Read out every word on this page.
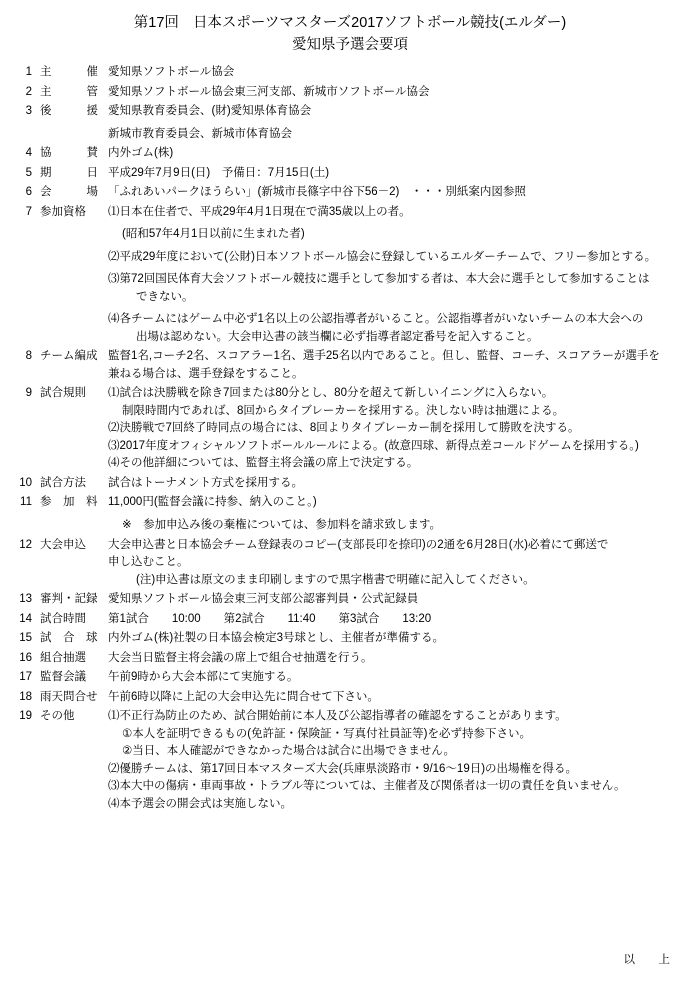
第17回 日本スポーツマスターズ2017ソフトボール競技(エルダー)
愛知県予選会要項
1 主	催 愛知県ソフトボール協会
2 主	管 愛知県ソフトボール協会東三河支部、新城市ソフトボール協会
3 後	援 愛知県教育委員会、(財)愛知県体育協会
新城市教育委員会、新城市体育協会
4 協	賛 内外ゴム(株)
5 期	日 平成29年7月9日(日)　予備日：7月15日(土)
6 会	場 「ふれあいパークほうらい」(新城市長篠字中谷下56－2)　・・・別紙案内図参照
7 参加資格	⑴日本在住者で、平成29年4月1日現在で満35歳以上の者。
(昭和57年4月1日以前に生まれた者)
⑵平成29年度において(公財)日本ソフトボール協会に登録しているエルダーチームで、フリー参加とする。
⑶第72回国民体育大会ソフトボール競技に選手として参加する者は、本大会に選手として参加することは
できない。
⑷各チームにはゲーム中必ず1名以上の公認指導者がいること。公認指導者がいないチームの本大会への
出場は認めない。大会申込書の該当欄に必ず指導者認定番号を記入すること。
8 チーム編成 監督1名,コーチ2名、スコアラー1名、選手25名以内であること。但し、監督、コーチ、スコアラーが選手を
兼ねる場合は、選手登録をすること。
9 試合規則	⑴試合は決勝戦を除き7回または80分とし、80分を超えて新しいイニングに入らない。
制限時間内であれば、8回からタイブレーカーを採用する。決しない時は抽選による。
⑵決勝戦で7回終了時同点の場合には、8回よりタイブレーカー制を採用して勝敗を決する。
⑶2017年度オフィシャルソフトボールルールによる。(故意四球、新得点差コールドゲームを採用する。)
⑷その他詳細については、監督主将会議の席上で決定する。
10 試合方法	試合はトーナメント方式を採用する。
11 参　加　料 11,000円(監督会議に持参、納入のこと。)
※　参加申込み後の棄権については、参加料を請求致します。
12 大会申込	大会申込書と日本協会チーム登録表のコピー(支部長印を捺印)の2通を6月28日(水)必着にて郵送で
申し込むこと。
(注)申込書は原文のまま印刷しますので黒字楷書で明確に記入してください。
13 審判・記録 愛知県ソフトボール協会東三河支部公認審判員・公式記録員
14 試合時間	第1試合　　10:00　　第2試合　　11:40　　第3試合　　13:20
15 試　合　球 内外ゴム(株)社製の日本協会検定3号球とし、主催者が準備する。
16 組合抽選	大会当日監督主将会議の席上で組合せ抽選を行う。
17 監督会議	午前9時から大会本部にて実施する。
18 雨天問合せ 午前6時以降に上記の大会申込先に問合せて下さい。
19 その他	⑴不正行為防止のため、試合開始前に本人及び公認指導者の確認をすることがあります。
①本人を証明できるもの(免許証・保険証・写真付社員証等)を必ず持参下さい。
②当日、本人確認ができなかった場合は試合に出場できません。
⑵優勝チームは、第17回日本マスターズ大会(兵庫県淡路市・9/16～19日)の出場権を得る。
⑶本大中の傷病・車両事故・トラブル等については、主催者及び関係者は一切の責任を負いません。
⑷本予選会の開会式は実施しない。
以　上
